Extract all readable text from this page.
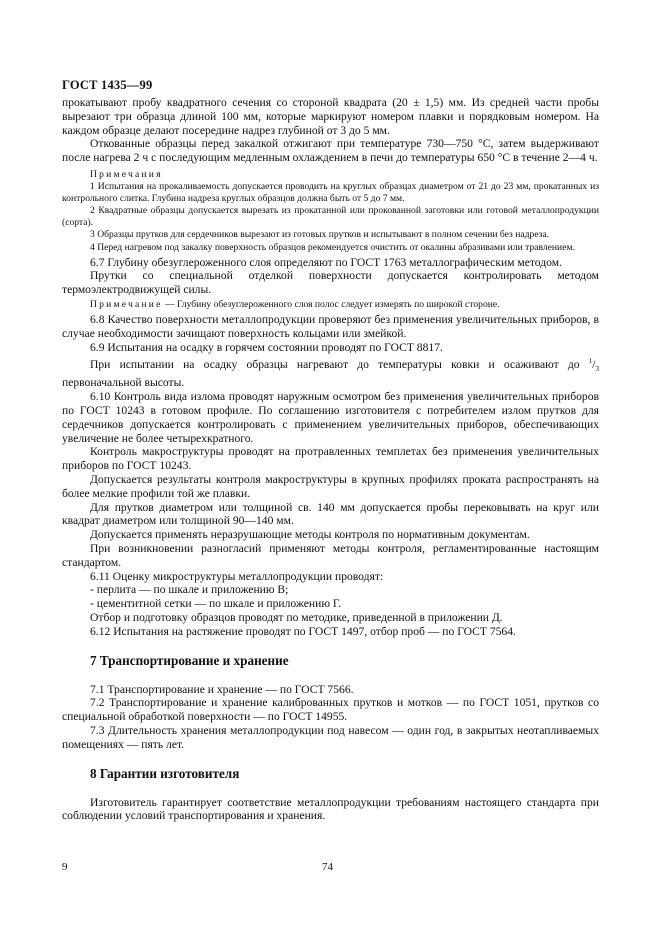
ГОСТ 1435—99

прокатывают пробу квадратного сечения со стороной квадрата (20 ± 1,5) мм. Из средней части пробы вырезают три образца длиной 100 мм, которые маркируют номером плавки и порядковым номером. На каждом образце делают посередине надрез глубиной от 3 до 5 мм.

Откованные образцы перед закалкой отжигают при температуре 730—750 °С, затем выдерживают после нагрева 2 ч с последующим медленным охлаждением в печи до температуры 650 °С в течение 2—4 ч.

Примечания

1 Испытания на прокаливаемость допускается проводить на круглых образцах диаметром от 21 до 23 мм, прокатанных из контрольного слитка. Глубина надреза круглых образцов должна быть от 5 до 7 мм.

2 Квадратные образцы допускается вырезать из прокатанной или прокованной заготовки или готовой металлопродукции (сорта).

3 Образцы прутков для сердечников вырезают из готовых прутков и испытывают в полном сечении без надреза.

4 Перед нагревом под закалку поверхность образцов рекомендуется очистить от окалины абразивами или травлением.

6.7 Глубину обезуглероженного слоя определяют по ГОСТ 1763 металлографическим методом.

Прутки со специальной отделкой поверхности допускается контролировать методом термоэлектродвижущей силы.

Примечание — Глубину обезуглероженного слоя полос следует измерять по широкой стороне.

6.8 Качество поверхности металлопродукции проверяют без применения увеличительных приборов, в случае необходимости зачищают поверхность кольцами или змейкой.

6.9 Испытания на осадку в горячем состоянии проводят по ГОСТ 8817.

При испытании на осадку образцы нагревают до температуры ковки и осаживают до $^1/_3$ первоначальной высоты.

6.10 Контроль вида излома проводят наружным осмотром без применения увеличительных приборов по ГОСТ 10243 в готовом профиле. По соглашению изготовителя с потребителем излом прутков для сердечников допускается контролировать с применением увеличительных приборов, обеспечивающих увеличение не более четырехкратного.

Контроль макроструктуры проводят на протравленных темплетах без применения увеличительных приборов по ГОСТ 10243.

Допускается результаты контроля макроструктуры в крупных профилях проката распространять на более мелкие профили той же плавки.

Для прутков диаметром или толщиной св. 140 мм допускается пробы перековывать на круг или квадрат диаметром или толщиной 90—140 мм.

Допускается применять неразрушающие методы контроля по нормативным документам.

При возникновении разногласий применяют методы контроля, регламентированные настоящим стандартом.

6.11 Оценку микроструктуры металлопродукции проводят:

- перлита — по шкале и приложению В;

- цементитной сетки — по шкале и приложению Г.

Отбор и подготовку образцов проводят по методике, приведенной в приложении Д.

6.12 Испытания на растяжение проводят по ГОСТ 1497, отбор проб — по ГОСТ 7564.

7 Транспортирование и хранение

7.1 Транспортирование и хранение — по ГОСТ 7566.

7.2 Транспортирование и хранение калиброванных прутков и мотков — по ГОСТ 1051, прутков со специальной обработкой поверхности — по ГОСТ 14955.

7.3 Длительность хранения металлопродукции под навесом — один год, в закрытых неотапливаемых помещениях — пять лет.

8 Гарантии изготовителя

Изготовитель гарантирует соответствие металлопродукции требованиям настоящего стандарта при соблюдении условий транспортирования и хранения.

9	74
